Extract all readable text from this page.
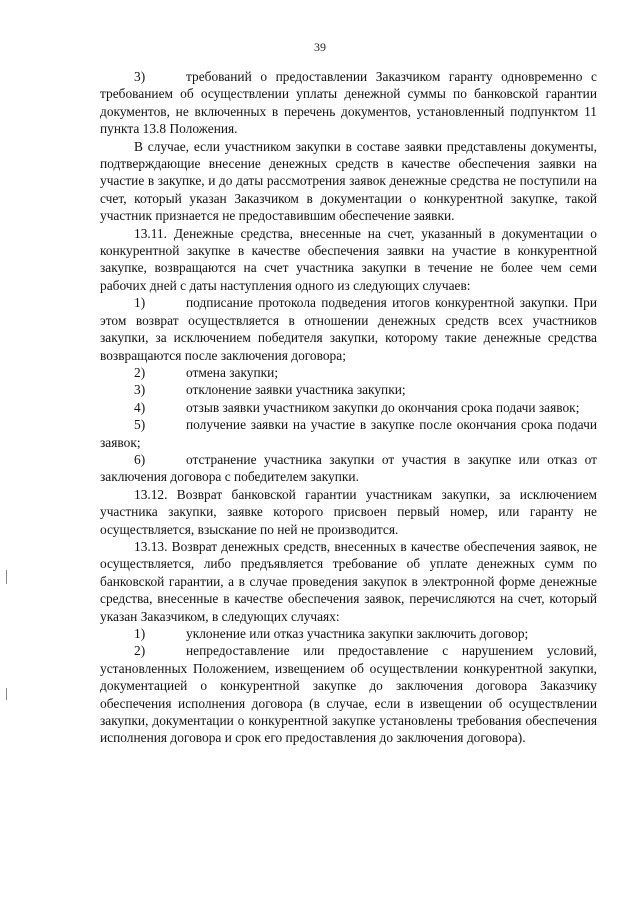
39

3)	требований о предоставлении Заказчиком гаранту одновременно с требованием об осуществлении уплаты денежной суммы по банковской гарантии документов, не включенных в перечень документов, установленный подпунктом 11 пункта 13.8 Положения.

В случае, если участником закупки в составе заявки представлены документы, подтверждающие внесение денежных средств в качестве обеспечения заявки на участие в закупке, и до даты рассмотрения заявок денежные средства не поступили на счет, который указан Заказчиком в документации о конкурентной закупке, такой участник признается не предоставившим обеспечение заявки.

13.11. Денежные средства, внесенные на счет, указанный в документации о конкурентной закупке в качестве обеспечения заявки на участие в конкурентной закупке, возвращаются на счет участника закупки в течение не более чем семи рабочих дней с даты наступления одного из следующих случаев:

1)	подписание протокола подведения итогов конкурентной закупки. При этом возврат осуществляется в отношении денежных средств всех участников закупки, за исключением победителя закупки, которому такие денежные средства возвращаются после заключения договора;

2)	отмена закупки;

3)	отклонение заявки участника закупки;

4)	отзыв заявки участником закупки до окончания срока подачи заявок;

5)	получение заявки на участие в закупке после окончания срока подачи заявок;

6)	отстранение участника закупки от участия в закупке или отказ от заключения договора с победителем закупки.

13.12. Возврат банковской гарантии участникам закупки, за исключением участника закупки, заявке которого присвоен первый номер, или гаранту не осуществляется, взыскание по ней не производится.

13.13. Возврат денежных средств, внесенных в качестве обеспечения заявок, не осуществляется, либо предъявляется требование об уплате денежных сумм по банковской гарантии, а в случае проведения закупок в электронной форме денежные средства, внесенные в качестве обеспечения заявок, перечисляются на счет, который указан Заказчиком, в следующих случаях:

1)	уклонение или отказ участника закупки заключить договор;

2)	непредоставление или предоставление с нарушением условий, установленных Положением, извещением об осуществлении конкурентной закупки, документацией о конкурентной закупке до заключения договора Заказчику обеспечения исполнения договора (в случае, если в извещении об осуществлении закупки, документации о конкурентной закупке установлены требования обеспечения исполнения договора и срок его предоставления до заключения договора).
